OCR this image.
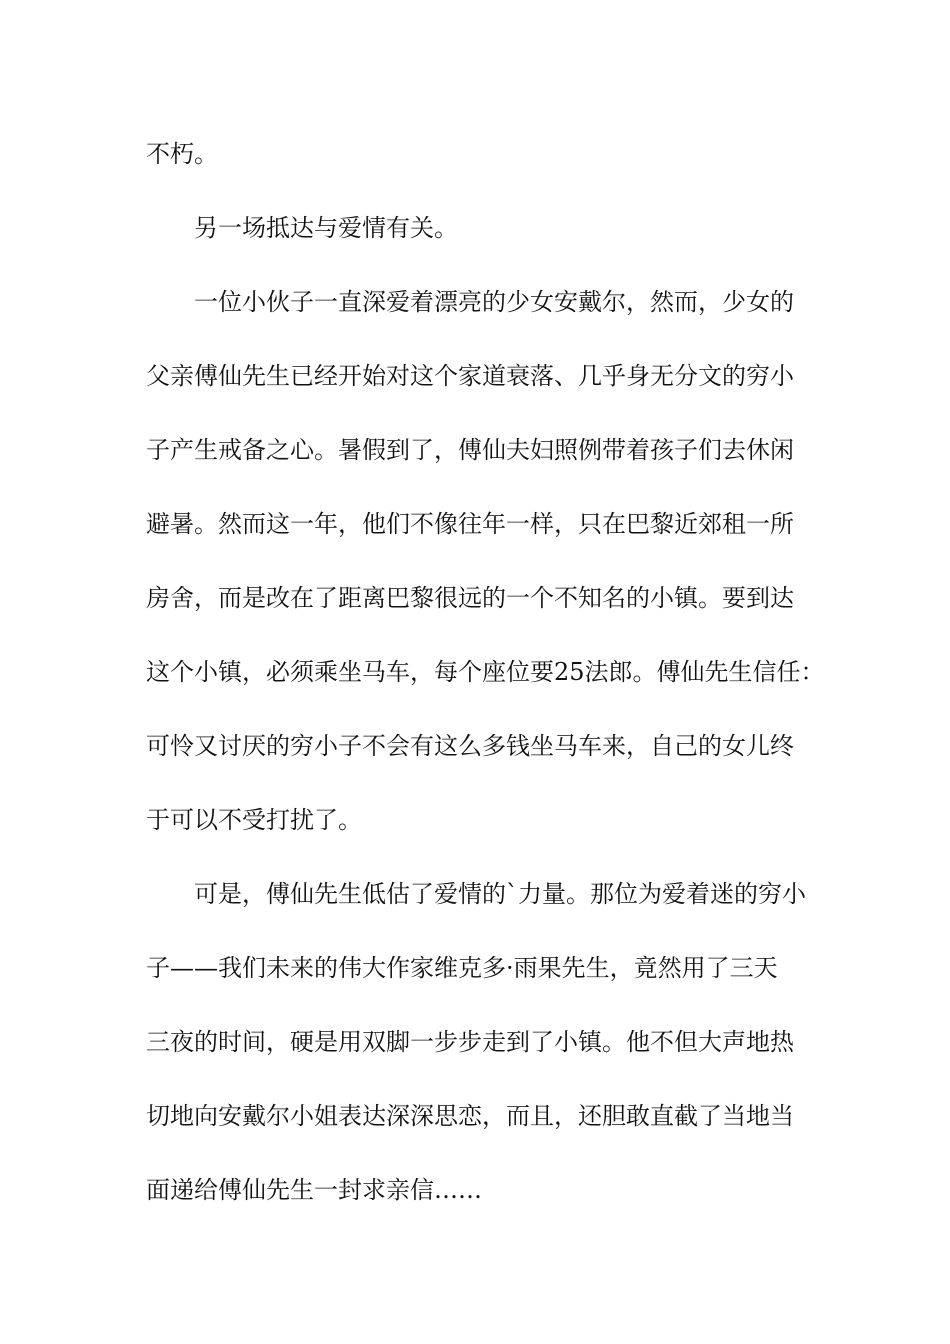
不朽。
另一场抵达与爱情有关。
一位小伙子一直深爱着漂亮的少女安戴尔，然而，少女的
父亲傅仙先生已经开始对这个家道衰落、几乎身无分文的穷小
子产生戒备之心。暑假到了，傅仙夫妇照例带着孩子们去休闲
避暑。然而这一年，他们不像往年一样，只在巴黎近郊租一所
房舍，而是改在了距离巴黎很远的一个不知名的小镇。要到达
这个小镇，必须乘坐马车，每个座位要25法郎。傅仙先生信任：
可怜又讨厌的穷小子不会有这么多钱坐马车来，自己的女儿终
于可以不受打扰了。
可是，傅仙先生低估了爱情的`力量。那位为爱着迷的穷小
子——我们未来的伟大作家维克多·雨果先生，竟然用了三天
三夜的时间，硬是用双脚一步步走到了小镇。他不但大声地热
切地向安戴尔小姐表达深深思恋，而且，还胆敢直截了当地当
面递给傅仙先生一封求亲信……
